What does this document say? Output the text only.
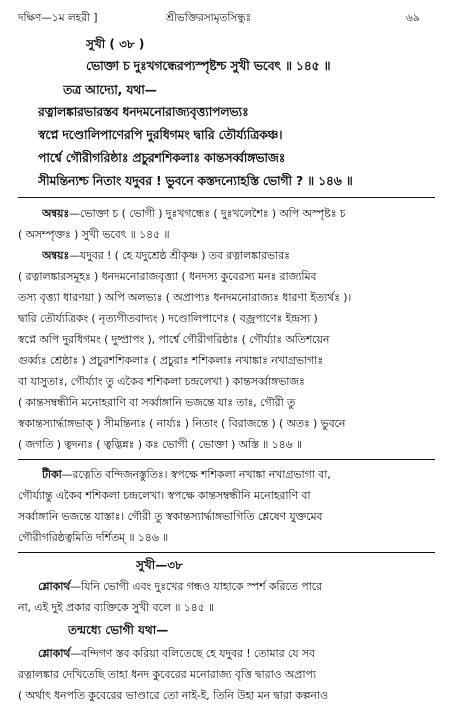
দক্ষিণ—১ম লহরী ]	শ্রীভক্তিরসামৃতসিন্ধুঃ	৬৯
সুখী ( ৩৮ )
ভোক্তা চ দুঃখগন্ধেরপ্যস্পৃষ্টশ্চ সুখী ভবেৎ ॥ ১৪৫ ॥
তত্র আদ্যো, যথা—
রত্নালঙ্কারভারস্তব ধনদমনোরাজ্যবৃত্ত্যাপলভ্যঃ
স্বপ্নে দণ্ডোলিপাণেরপি দুরধিগমং দ্বারি তৌর্য্যত্রিকঞ্চ।
পার্শ্বে গৌরীগরিষ্ঠাঃ প্রচুরশশিকলাঃ কান্তসর্ব্বাঙ্গভাজঃ
সীমন্তিন্যশ্চ নিতাং যদুবর ! ভুবনে কস্তদন্যোহস্তি ভোগী ? ॥ ১৪৬ ॥
অন্বয়ঃ—ভোক্তা চ ( ভোগী ) দুঃখগন্ধেঃ ( দুঃখলেশৈঃ ) অপি অস্পৃষ্টঃ চ
( অসম্পৃক্তঃ ) সুখী ভবেৎ ॥ ১৪৫ ॥
অন্বয়ঃ—যদুবর ! ( হে যদুশ্রেষ্ঠ শ্রীকৃষ্ণ ) তব রত্নালঙ্কারভারঃ
( রত্নালঙ্কারসমূহঃ ) ধনদমনোরাজবৃত্ত্যা ( ধনদস্য কুবেরস্য মনঃ রাজ্যমিব
তস্য বৃত্ত্যা ধারণয়া ) অপি অলভ্যঃ ( অপ্রাপ্যঃ ধনদমনোরাজ্যঃ ধারণা ইত্যর্থঃ )।
দ্বারি তৌর্য্যত্রিকং ( নৃত্যগীতবাদ্যং ) দণ্ডোলিপাণেঃ ( বজ্রপাণেঃ ইন্দ্রস্য )
স্বপ্নে অপি দুরধিগমং ( দুষ্প্রাপং ), পার্শ্বে গৌরীগরিষ্ঠাঃ ( গৌর্য্যাঃ অতিশয়েন
গুর্ব্ব্যঃ শ্রেষ্ঠাঃ ) প্রচুরশশিকলাঃ ( প্রচুরাঃ শশিকলাঃ নখাঙ্কাঃ নখাগ্রভাগাঃ
বা যাসুতাঃ, গৌর্য্যাং তু একৈব শশিকলা চন্দ্রলেখা ) কান্তসর্ব্বাঙ্গভাজঃ
( কান্তসম্বন্ধীনি মনোহরাণি বা সর্ব্বাঙ্গানি ভজন্তে যাঃ তাঃ, গৌরী তু
স্বকান্তস্যার্দ্ধাঙ্গভাক্ ) সীমন্তিন্যঃ ( নার্য্যঃ ) নিতাং ( বিরাজন্তে ) ( অতঃ ) ভুবনে
( জগতি ) ত্বদন্যঃ ( ত্বদ্ভিন্নঃ ) কঃ ভোগী ( ভোক্তা ) অস্তি ॥ ১৪৬ ॥
টীকা—রত্নেতি বন্দিজনস্তুতিঃ। স্বপক্ষে শশিকলা নখাঙ্কা নখাগ্রভাগা বা,
গৌর্য্যান্তু একৈব শশিকলা চন্দ্রলেখা। স্বপক্ষে কান্তসম্বন্ধীনি মনোহরাণি বা
সর্ব্বাঙ্গানি ভজন্তে যাস্তাঃ। গৌরী তু স্বকান্তস্যার্দ্ধাঙ্গভাগিতি শ্লেষেণ যুক্তমেব
গৌরীগরিষ্ঠত্বমিতি দর্শিতম্ ॥ ১৪৬ ॥
সুখী—৩৮
শ্লোকার্থ—যিনি ভোগী এবং দুঃখের গন্ধও যাহাকে স্পর্শ করিতে পারে
না, এই দুই প্রকার ব্যক্তিকে সুখী বলে ॥ ১৪৫ ॥
তন্মধ্যে ভোগী যথা—
শ্লোকার্থ—বন্দিগণ স্তব করিয়া বলিতেছে হে যদুবর ! তোমার যে সব
রত্নালঙ্কার দেখিতেছি তাহা ধনদ কুবেরের মনোরাজ্য বৃত্তি দ্বারাও অপ্রাপ্য
( অর্থাৎ ধনপতি কুবেরের ভাণ্ডারে তো নাই-ই, তিনি উহা মন দ্বারা কল্পনাও
